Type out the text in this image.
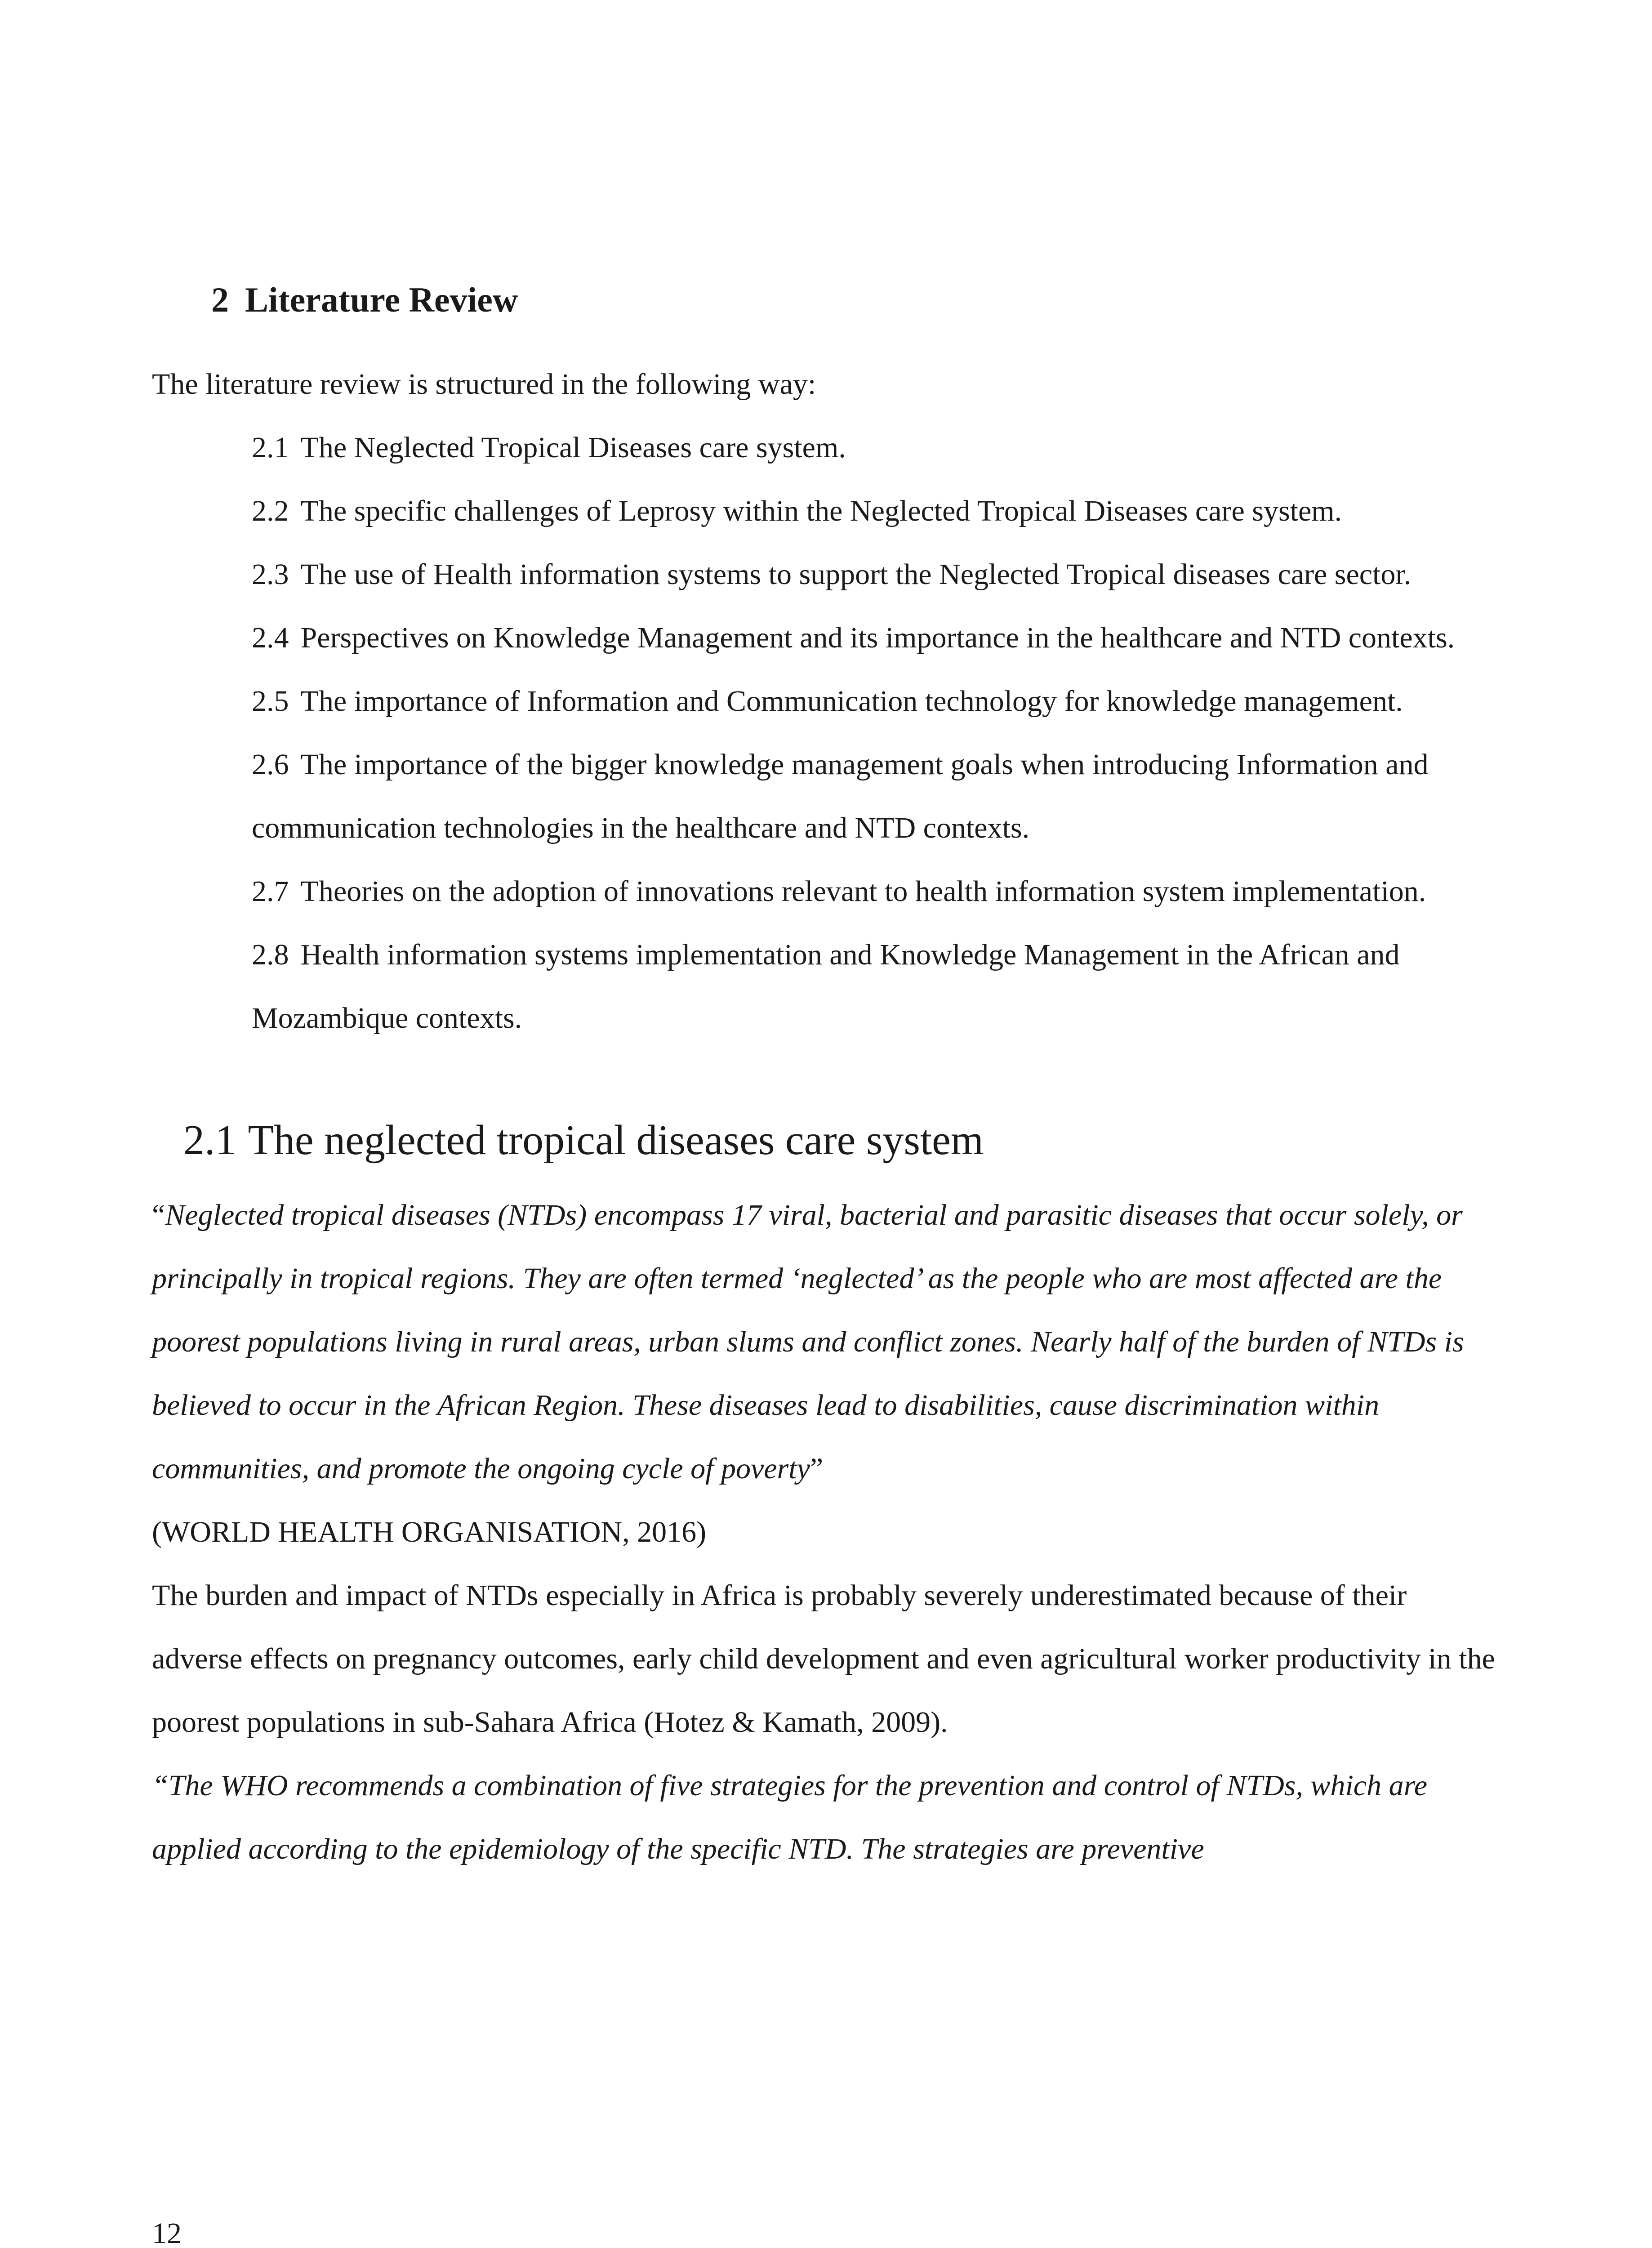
2 Literature Review

The literature review is structured in the following way:

2.1 The Neglected Tropical Diseases care system.
2.2 The specific challenges of Leprosy within the Neglected Tropical Diseases care system.
2.3 The use of Health information systems to support the Neglected Tropical diseases care sector.
2.4 Perspectives on Knowledge Management and its importance in the healthcare and NTD contexts.
2.5 The importance of Information and Communication technology for knowledge management.
2.6 The importance of the bigger knowledge management goals when introducing Information and communication technologies in the healthcare and NTD contexts.
2.7 Theories on the adoption of innovations relevant to health information system implementation.
2.8 Health information systems implementation and Knowledge Management in the African and Mozambique contexts.
2.1 The neglected tropical diseases care system

“Neglected tropical diseases (NTDs) encompass 17 viral, bacterial and parasitic diseases that occur solely, or principally in tropical regions. They are often termed ‘neglected’ as the people who are most affected are the poorest populations living in rural areas, urban slums and conflict zones. Nearly half of the burden of NTDs is believed to occur in the African Region. These diseases lead to disabilities, cause discrimination within communities, and promote the ongoing cycle of poverty”

(WORLD HEALTH ORGANISATION, 2016)

The burden and impact of NTDs especially in Africa is probably severely underestimated because of their adverse effects on pregnancy outcomes, early child development and even agricultural worker productivity in the poorest populations in sub-Sahara Africa (Hotez & Kamath, 2009).

“The WHO recommends a combination of five strategies for the prevention and control of NTDs, which are applied according to the epidemiology of the specific NTD. The strategies are preventive

12
